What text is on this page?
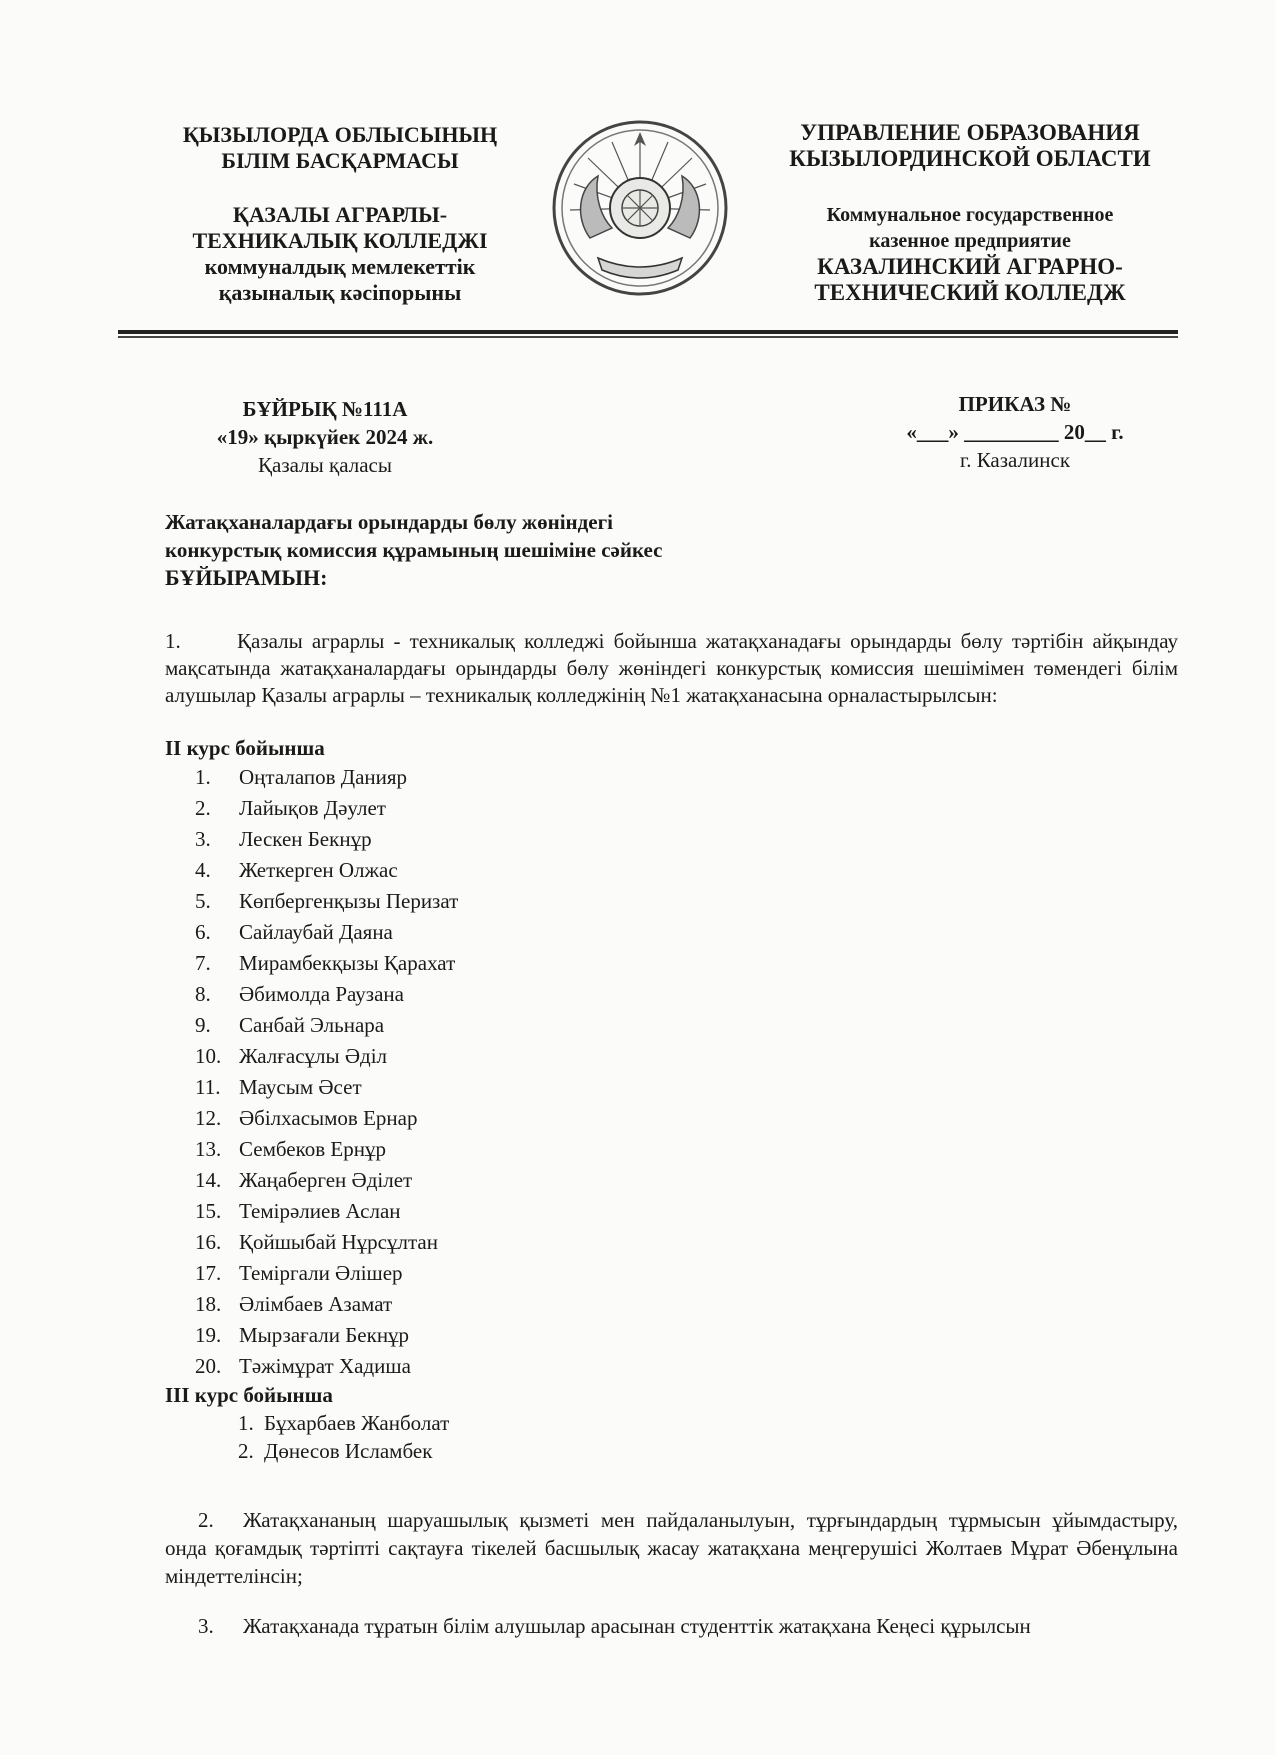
ҚЫЗЫЛОРДА ОБЛЫСЫНЫҢ
БІЛІМ БАСҚАРМАСЫ
ҚАЗАЛЫ АГРАРЛЫ-
ТЕХНИКАЛЫҚ КОЛЛЕДЖІ
коммуналдық мемлекеттік
қазыналық кәсіпорыны
УПРАВЛЕНИЕ ОБРАЗОВАНИЯ
КЫЗЫЛОРДИНСКОЙ ОБЛАСТИ
Коммунальное государственное
казенное предприятие
КАЗАЛИНСКИЙ АГРАРНО-
ТЕХНИЧЕСКИЙ КОЛЛЕДЖ
БҰЙРЫҚ №111А
«19» қыркүйек 2024 ж.
Қазалы қаласы
ПРИКАЗ №
«___» _________ 20__ г.
г. Казалинск
Жатақханалардағы орындарды бөлу жөніндегі
конкурстық комиссия құрамының шешіміне сәйкес
БҰЙЫРАМЫН:
1.	Қазалы аграрлы - техникалық колледжі бойынша жатақханадағы орындарды бөлу тәртібін айқындау мақсатында жатақханалардағы орындарды бөлу жөніндегі конкурстық комиссия шешімімен төмендегі білім алушылар Қазалы аграрлы – техникалық колледжінің №1 жатақханасына орналастырылсын:
ІІ курс бойынша
1. Оңталапов Данияр
2. Лайықов Дәулет
3. Лескен Бекнұр
4. Жеткерген Олжас
5. Көпбергенқызы Перизат
6. Сайлаубай Даяна
7. Мирамбекқызы Қарахат
8. Әбимолда Раузана
9. Санбай Эльнара
10. Жалғасұлы Әділ
11. Маусым Әсет
12. Әбілхасымов Ернар
13. Сембеков Ернұр
14. Жаңаберген Әділет
15. Темірәлиев Аслан
16. Қойшыбай Нұрсұлтан
17. Теміргали Әлішер
18. Әлімбаев Азамат
19. Мырзағали Бекнұр
20. Тәжімұрат Хадиша
ІІІ курс бойынша
1. Бұхарбаев Жанболат
2. Дөнесов Исламбек
2. Жатақхананың шаруашылық қызметі мен пайдаланылуын, тұрғындардың тұрмысын ұйымдастыру, онда қоғамдық тәртіпті сақтауға тікелей басшылық жасау жатақхана меңгерушісі Жолтаев Мұрат Әбенұлына міндеттелінсін;
3. Жатақханада тұратын білім алушылар арасынан студенттік жатақхана Кеңесі құрылсын
